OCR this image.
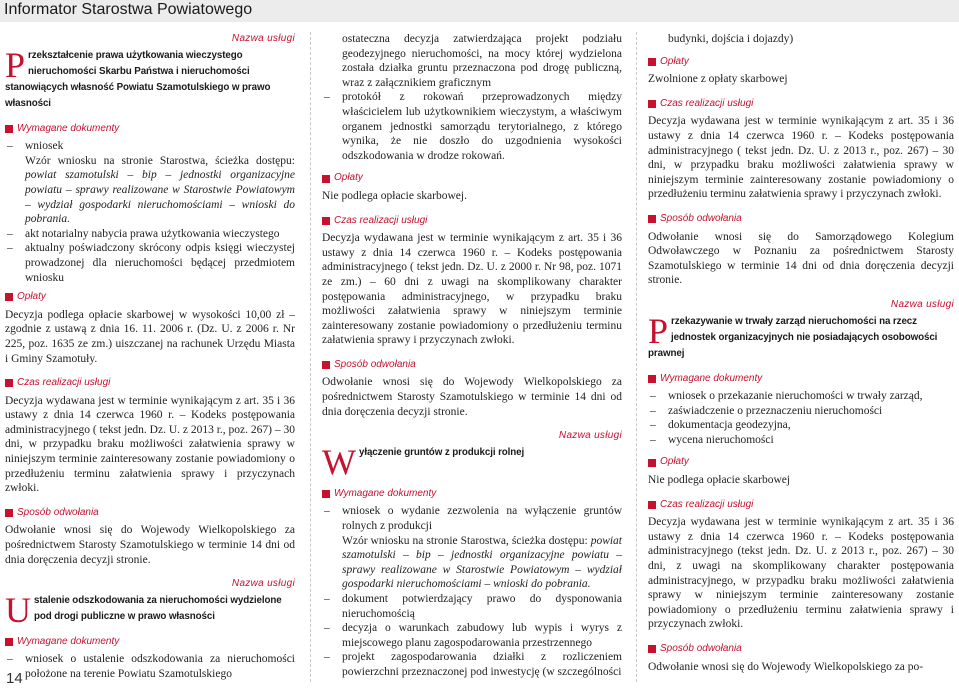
Informator Starostwa Powiatowego
Nazwa usługi
P rzekształcenie prawa użytkowania wieczystego nieruchomości Skarbu Państwa i nieruchomości stanowiących własność Powiatu Szamotulskiego w prawo własności
Wymagane dokumenty

– wniosek

Wzór wniosku na stronie Starostwa, ścieżka dostępu: powiat szamotulski – bip – jednostki organizacyjne powiatu – sprawy realizowane w Starostwie Powiatowym – wydział gospodarki nieruchomościami – wnioski do pobrania.

– akt notarialny nabycia prawa użytkowania wieczystego

– aktualny poświadczony skrócony odpis księgi wieczystej prowadzonej dla nieruchomości będącej przedmiotem wniosku

Opłaty

Decyzja podlega opłacie skarbowej w wysokości 10,00 zł – zgodnie z ustawą z dnia 16. 11. 2006 r. (Dz. U. z 2006 r. Nr 225, poz. 1635 ze zm.) uiszczanej na rachunek Urzędu Miasta i Gminy Szamotuły.

Czas realizacji usługi

Decyzja wydawana jest w terminie wynikającym z art. 35 i 36 ustawy z dnia 14 czerwca 1960 r. – Kodeks postępowania administracyjnego ( tekst jedn. Dz. U. z 2013 r., poz. 267) – 30 dni, w przypadku braku możliwości załatwienia sprawy w niniejszym terminie zainteresowany zostanie powiadomiony o przedłużeniu terminu załatwienia sprawy i przyczynach zwłoki.

Sposób odwołania

Odwołanie wnosi się do Wojewody Wielkopolskiego za pośrednictwem Starosty Szamotulskiego w terminie 14 dni od dnia doręczenia decyzji stronie.

Nazwa usługi
U stalenie odszkodowania za nieruchomości wydzielone pod drogi publiczne w prawo własności
Wymagane dokumenty

– wniosek o ustalenie odszkodowania za nieruchomości położone na terenie Powiatu Szamotulskiego

ostateczna decyzja zatwierdzająca projekt podziału geodezyjnego nieruchomości, na mocy której wydzielona została działka gruntu przeznaczona pod drogę publiczną, wraz z załącznikiem graficznym

– protokół z rokowań przeprowadzonych między właścicielem lub użytkownikiem wieczystym, a właściwym organem jednostki samorządu terytorialnego, z którego wynika, że nie doszło do uzgodnienia wysokości odszkodowania w drodze rokowań.

Opłaty

Nie podlega opłacie skarbowej.

Czas realizacji usługi

Decyzja wydawana jest w terminie wynikającym z art. 35 i 36 ustawy z dnia 14 czerwca 1960 r. – Kodeks postępowania administracyjnego ( tekst jedn. Dz. U. z 2000 r. Nr 98, poz. 1071 ze zm.) – 60 dni z uwagi na skomplikowany charakter postępowania administracyjnego, w przypadku braku możliwości załatwienia sprawy w niniejszym terminie zainteresowany zostanie powiadomiony o przedłużeniu terminu załatwienia sprawy i przyczynach zwłoki.

Sposób odwołania

Odwołanie wnosi się do Wojewody Wielkopolskiego za pośrednictwem Starosty Szamotulskiego w terminie 14 dni od dnia doręczenia decyzji stronie.

Nazwa usługi
W yłączenie gruntów z produkcji rolnej
Wymagane dokumenty

– wniosek o wydanie zezwolenia na wyłączenie gruntów rolnych z produkcji

Wzór wniosku na stronie Starostwa, ścieżka dostępu: powiat szamotulski – bip – jednostki organizacyjne powiatu – sprawy realizowane w Starostwie Powiatowym – wydział gospodarki nieruchomościami – wnioski do pobrania.

– dokument potwierdzający prawo do dysponowania nieruchomością

– decyzja o warunkach zabudowy lub wypis i wyrys z miejscowego planu zagospodarowania przestrzennego

– projekt zagospodarowania działki z rozliczeniem powierzchni przeznaczonej pod inwestycję (w szczególności

budynki, dojścia i dojazdy)

Opłaty

Zwolnione z opłaty skarbowej

Czas realizacji usługi

Decyzja wydawana jest w terminie wynikającym z art. 35 i 36 ustawy z dnia 14 czerwca 1960 r. – Kodeks postępowania administracyjnego ( tekst jedn. Dz. U. z 2013 r., poz. 267) – 30 dni, w przypadku braku możliwości załatwienia sprawy w niniejszym terminie zainteresowany zostanie powiadomiony o przedłużeniu terminu załatwienia sprawy i przyczynach zwłoki.

Sposób odwołania

Odwołanie wnosi się do Samorządowego Kolegium Odwoławczego w Poznaniu za pośrednictwem Starosty Szamotulskiego w terminie 14 dni od dnia doręczenia decyzji stronie.

Nazwa usługi
P rzekazywanie w trwały zarząd nieruchomości na rzecz jednostek organizacyjnych nie posiadających osobowości prawnej
Wymagane dokumenty

– wniosek o przekazanie nieruchomości w trwały zarząd,

– zaświadczenie o przeznaczeniu nieruchomości

– dokumentacja geodezyjna,

– wycena nieruchomości

Opłaty

Nie podlega opłacie skarbowej

Czas realizacji usługi

Decyzja wydawana jest w terminie wynikającym z art. 35 i 36 ustawy z dnia 14 czerwca 1960 r. – Kodeks postępowania administracyjnego (tekst jedn. Dz. U. z 2013 r., poz. 267) – 30 dni, z uwagi na skomplikowany charakter postępowania administracyjnego, w przypadku braku możliwości załatwienia sprawy w niniejszym terminie zainteresowany zostanie powiadomiony o przedłużeniu terminu załatwienia sprawy i przyczynach zwłoki.

Sposób odwołania

Odwołanie wnosi się do Wojewody Wielkopolskiego za po-

14
